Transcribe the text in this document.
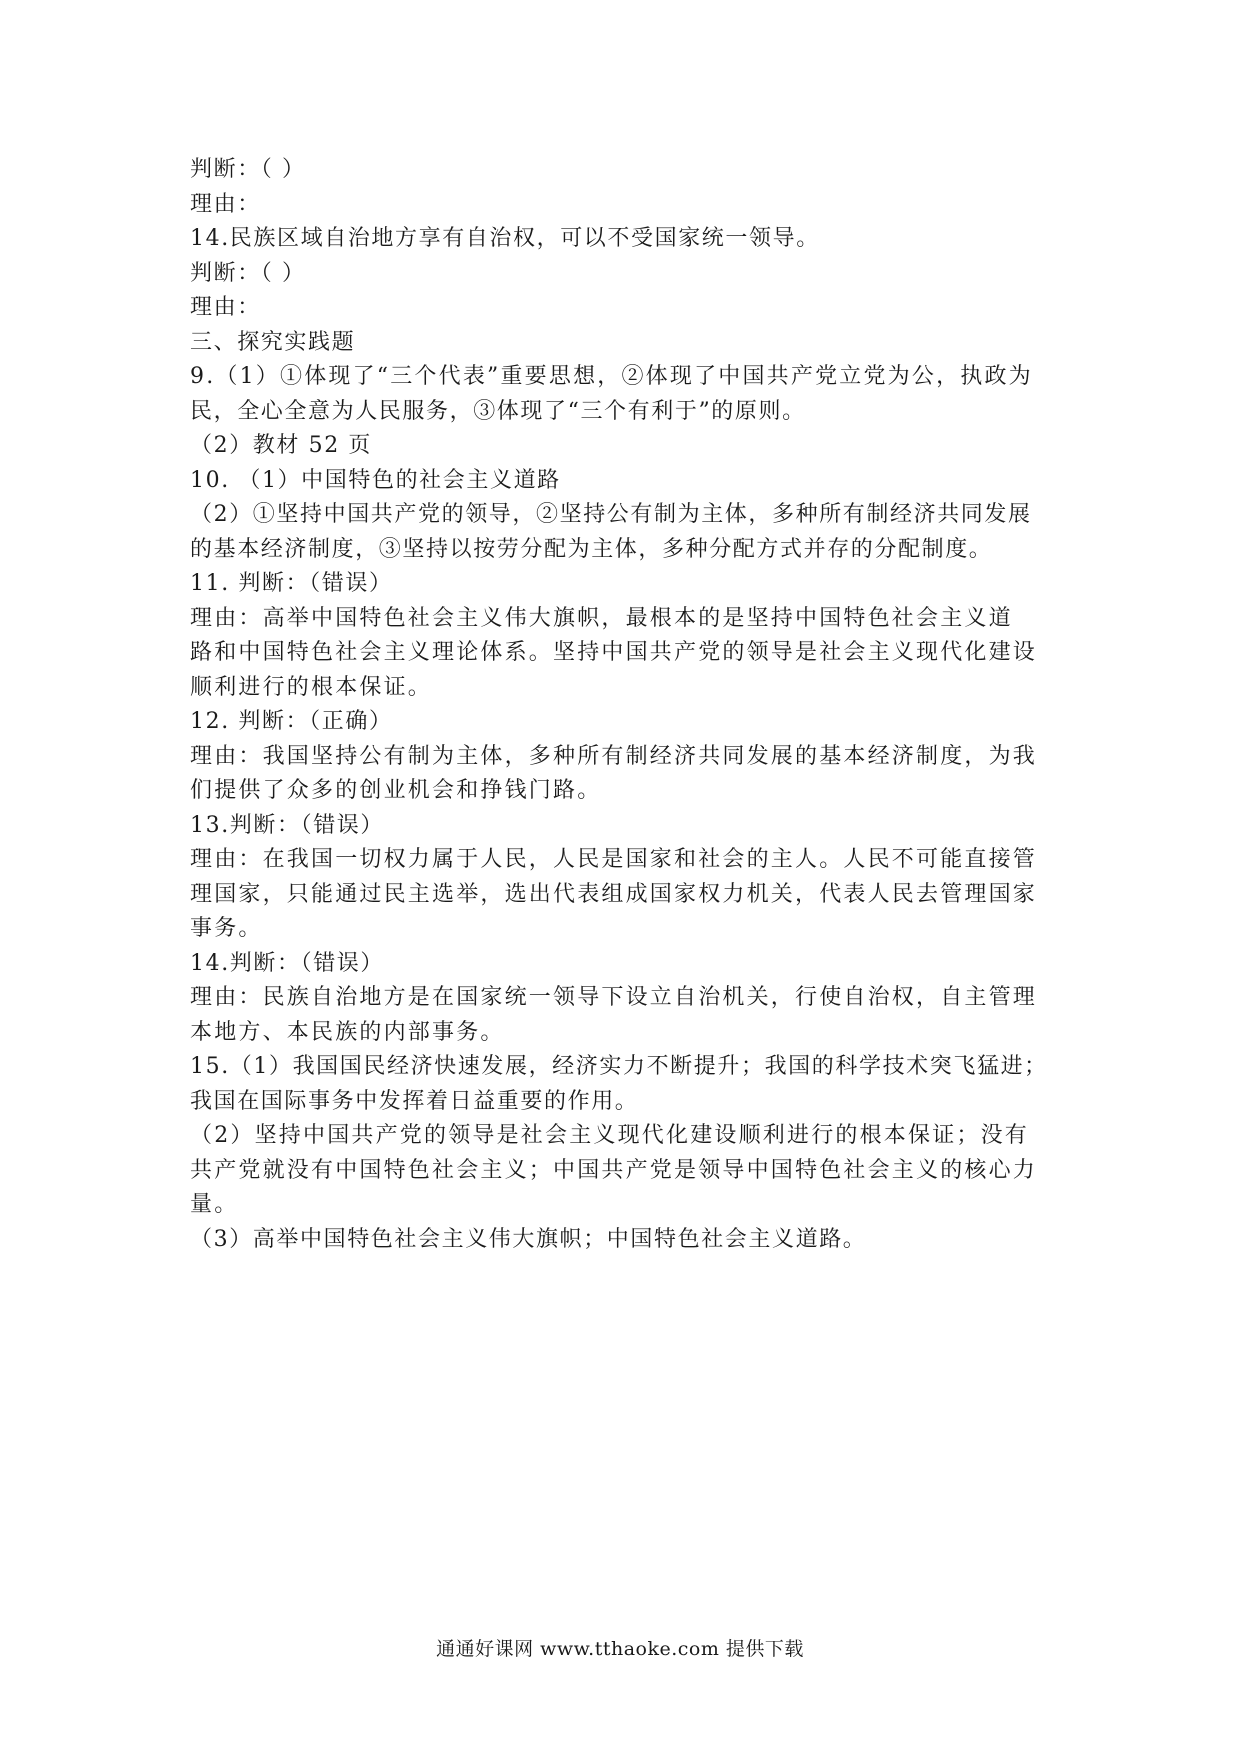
判断：（ ）
理由：
14.民族区域自治地方享有自治权，可以不受国家统一领导。
判断：（ ）
理由：
三、探究实践题
9.（1）①体现了“三个代表”重要思想，②体现了中国共产党立党为公，执政为
民，全心全意为人民服务，③体现了“三个有利于”的原则。
（2）教材 52 页
10. （1）中国特色的社会主义道路
（2）①坚持中国共产党的领导，②坚持公有制为主体，多种所有制经济共同发展
的基本经济制度，③坚持以按劳分配为主体，多种分配方式并存的分配制度。
11. 判断：（错误）
理由：高举中国特色社会主义伟大旗帜，最根本的是坚持中国特色社会主义道
路和中国特色社会主义理论体系。坚持中国共产党的领导是社会主义现代化建设
顺利进行的根本保证。
12. 判断：（正确）
理由：我国坚持公有制为主体，多种所有制经济共同发展的基本经济制度，为我
们提供了众多的创业机会和挣钱门路。
13.判断：（错误）
理由：在我国一切权力属于人民，人民是国家和社会的主人。人民不可能直接管
理国家，只能通过民主选举，选出代表组成国家权力机关，代表人民去管理国家
事务。
14.判断：（错误）
理由：民族自治地方是在国家统一领导下设立自治机关，行使自治权，自主管理
本地方、本民族的内部事务。
15.（1）我国国民经济快速发展，经济实力不断提升；我国的科学技术突飞猛进；
我国在国际事务中发挥着日益重要的作用。
（2）坚持中国共产党的领导是社会主义现代化建设顺利进行的根本保证；没有
共产党就没有中国特色社会主义；中国共产党是领导中国特色社会主义的核心力
量。
（3）高举中国特色社会主义伟大旗帜；中国特色社会主义道路。
通通好课网 www.tthaoke.com 提供下载
